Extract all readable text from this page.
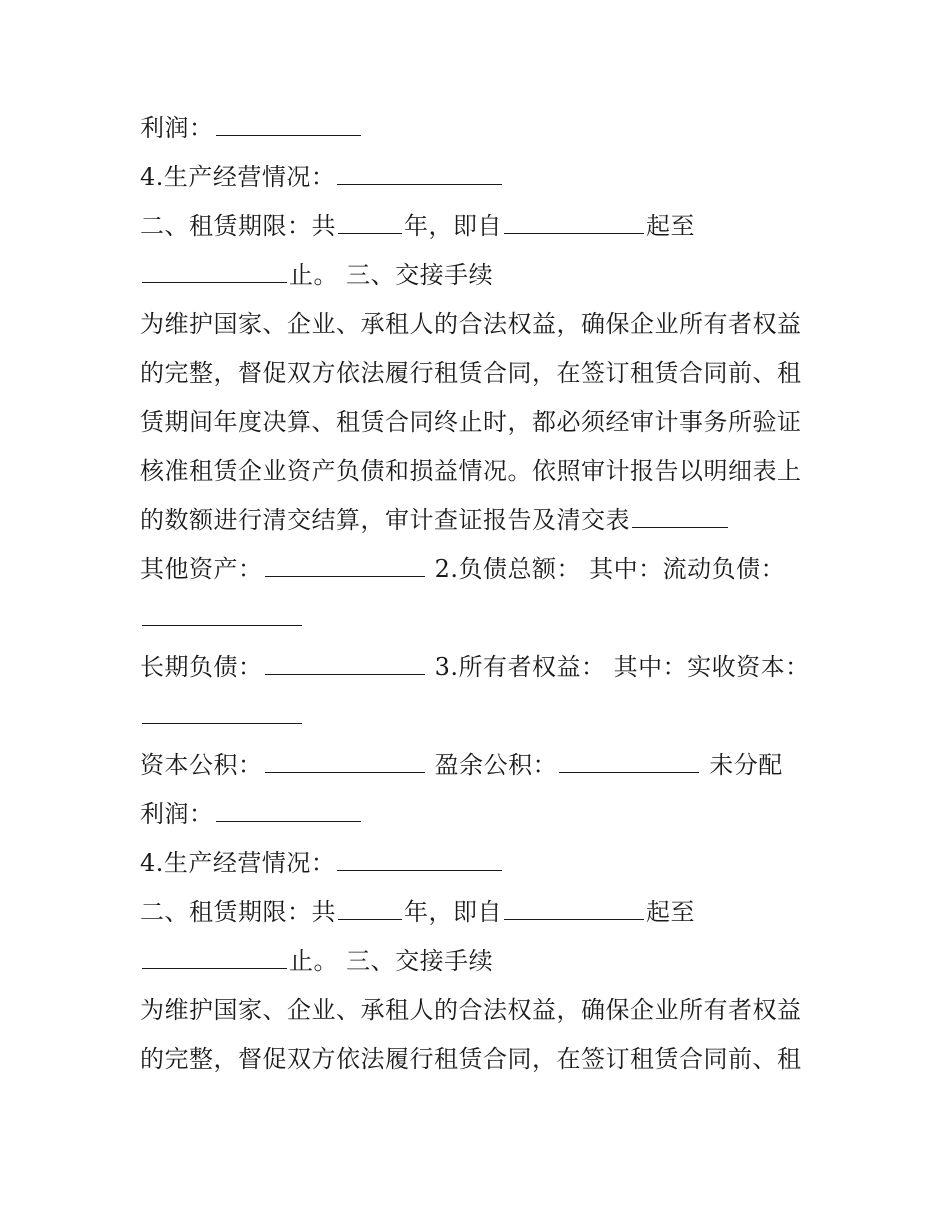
利润：
4.生产经营情况：
二、租赁期限：共	年，即自	起至
止。 三、交接手续
为维护国家、企业、承租人的合法权益，确保企业所有者权益
的完整，督促双方依法履行租赁合同，在签订租赁合同前、租
赁期间年度决算、租赁合同终止时，都必须经审计事务所验证
核准租赁企业资产负债和损益情况。依照审计报告以明细表上
的数额进行清交结算，审计查证报告及清交表
其他资产：	2.负债总额： 其中：流动负债：
长期负债：	3.所有者权益： 其中：实收资本：
资本公积：	盈余公积：	未分配
利润：
4.生产经营情况：
二、租赁期限：共	年，即自	起至
止。 三、交接手续
为维护国家、企业、承租人的合法权益，确保企业所有者权益
的完整，督促双方依法履行租赁合同，在签订租赁合同前、租
